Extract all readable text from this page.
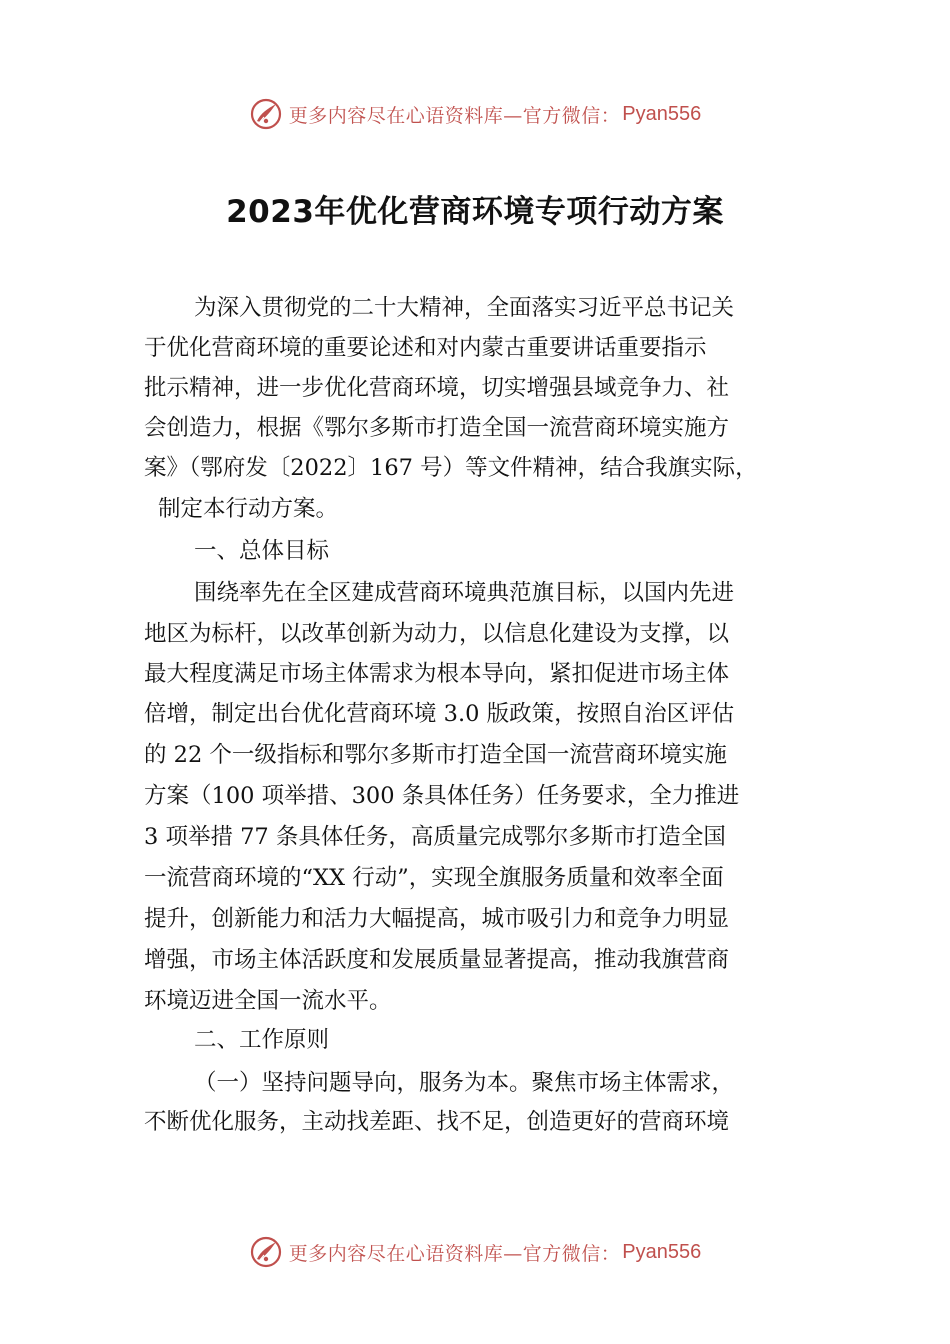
更多内容尽在心语资料库—官方微信： Pyan556
2023年优化营商环境专项行动方案
为深入贯彻党的二十大精神，全面落实习近平总书记关
于优化营商环境的重要论述和对内蒙古重要讲话重要指示
批示精神，进一步优化营商环境，切实增强县域竞争力、社
会创造力，根据《鄂尔多斯市打造全国一流营商环境实施方
案》（鄂府发〔2022〕167 号）等文件精神，结合我旗实际，
制定本行动方案。
一、总体目标
围绕率先在全区建成营商环境典范旗目标，以国内先进
地区为标杆，以改革创新为动力，以信息化建设为支撑，以
最大程度满足市场主体需求为根本导向，紧扣促进市场主体
倍增，制定出台优化营商环境 3.0 版政策，按照自治区评估
的 22 个一级指标和鄂尔多斯市打造全国一流营商环境实施
方案（100 项举措、300 条具体任务）任务要求，全力推进
3 项举措 77 条具体任务，高质量完成鄂尔多斯市打造全国
一流营商环境的“XX 行动”，实现全旗服务质量和效率全面
提升，创新能力和活力大幅提高，城市吸引力和竞争力明显
增强，市场主体活跃度和发展质量显著提高，推动我旗营商
环境迈进全国一流水平。
二、工作原则
（一）坚持问题导向，服务为本。聚焦市场主体需求，
不断优化服务，主动找差距、找不足，创造更好的营商环境
更多内容尽在心语资料库—官方微信： Pyan556
